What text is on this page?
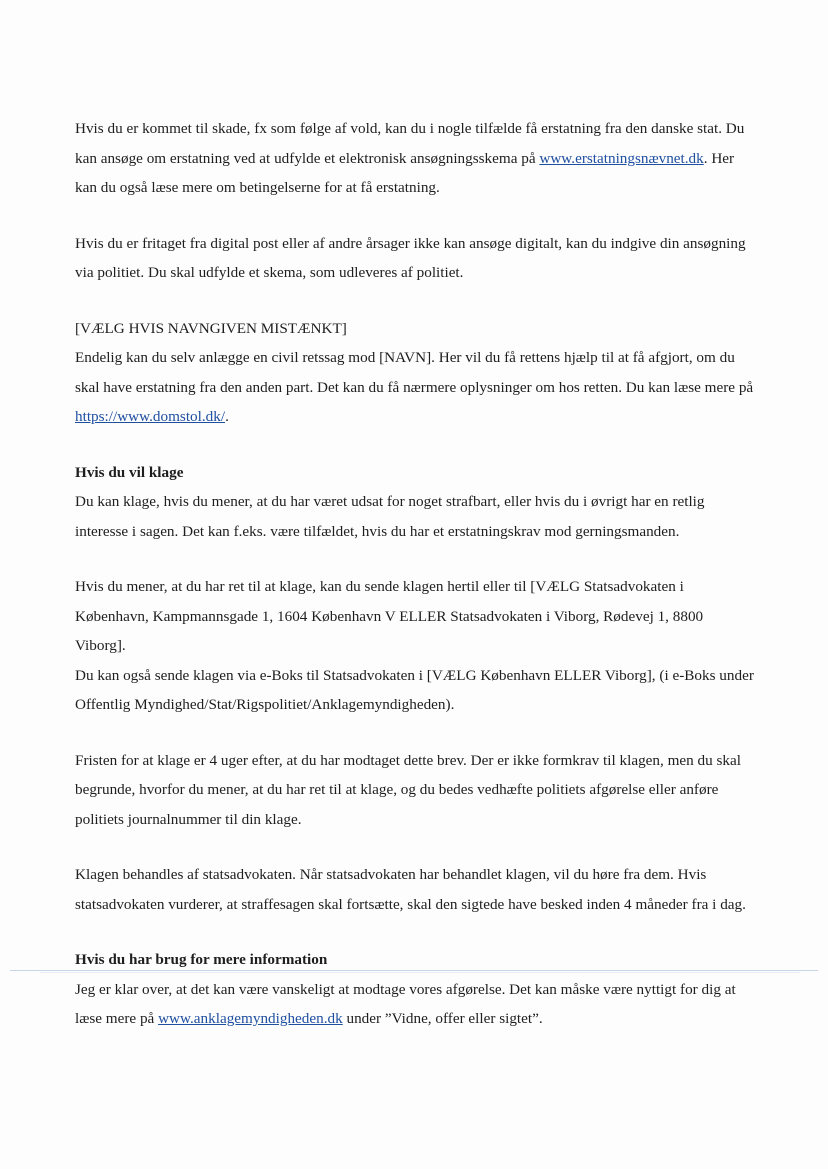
Hvis du er kommet til skade, fx som følge af vold, kan du i nogle tilfælde få erstatning fra den danske stat. Du kan ansøge om erstatning ved at udfylde et elektronisk ansøgningsskema på www.erstatningsnævnet.dk. Her kan du også læse mere om betingelserne for at få erstatning.

Hvis du er fritaget fra digital post eller af andre årsager ikke kan ansøge digitalt, kan du indgive din ansøgning via politiet. Du skal udfylde et skema, som udleveres af politiet.

[VÆLG HVIS NAVNGIVEN MISTÆNKT]

Endelig kan du selv anlægge en civil retssag mod [NAVN]. Her vil du få rettens hjælp til at få afgjort, om du skal have erstatning fra den anden part. Det kan du få nærmere oplysninger om hos retten. Du kan læse mere på https://www.domstol.dk/.

Hvis du vil klage

Du kan klage, hvis du mener, at du har været udsat for noget strafbart, eller hvis du i øvrigt har en retlig interesse i sagen. Det kan f.eks. være tilfældet, hvis du har et erstatningskrav mod gerningsmanden.

Hvis du mener, at du har ret til at klage, kan du sende klagen hertil eller til [VÆLG Statsadvokaten i København, Kampmannsgade 1, 1604 København V ELLER Statsadvokaten i Viborg, Rødevej 1, 8800 Viborg].

Du kan også sende klagen via e-Boks til Statsadvokaten i [VÆLG København ELLER Viborg], (i e-Boks under Offentlig Myndighed/Stat/Rigspolitiet/Anklagemyndigheden).

Fristen for at klage er 4 uger efter, at du har modtaget dette brev. Der er ikke formkrav til klagen, men du skal begrunde, hvorfor du mener, at du har ret til at klage, og du bedes vedhæfte politiets afgørelse eller anføre politiets journalnummer til din klage.

Klagen behandles af statsadvokaten. Når statsadvokaten har behandlet klagen, vil du høre fra dem. Hvis statsadvokaten vurderer, at straffesagen skal fortsætte, skal den sigtede have besked inden 4 måneder fra i dag.

Hvis du har brug for mere information

Jeg er klar over, at det kan være vanskeligt at modtage vores afgørelse. Det kan måske være nyttigt for dig at læse mere på www.anklagemyndigheden.dk under ”Vidne, offer eller sigtet”.
